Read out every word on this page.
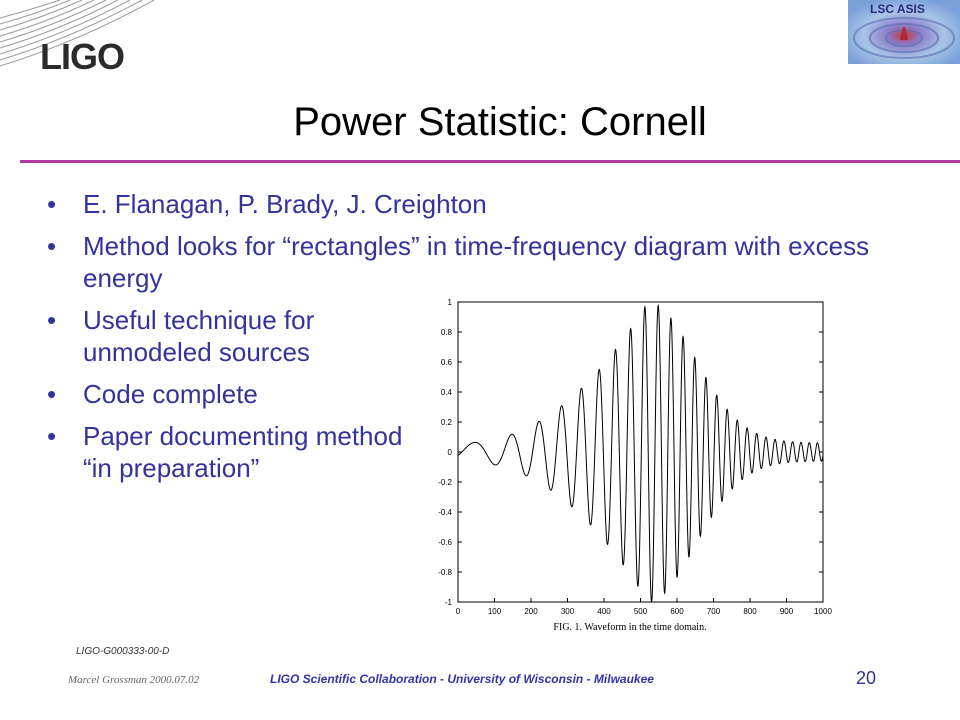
LIGO
LSC ASIS
Power Statistic: Cornell
• E. Flanagan, P. Brady, J. Creighton
• Method looks for “rectangles” in time-frequency diagram with excess energy
• Useful technique for unmodeled sources
• Code complete
• Paper documenting method “in preparation”
1
0.8
0.6
0.4
0.2
0
-0.2
-0.4
-0.6
-0.8
-1
0	100	200	300	400	500	600	700	800	900	1000
FIG. 1. Waveform in the time domain.
LIGO-G000333-00-D
Marcel Grossman 2000.07.02	LIGO Scientific Collaboration - University of Wisconsin - Milwaukee	20
